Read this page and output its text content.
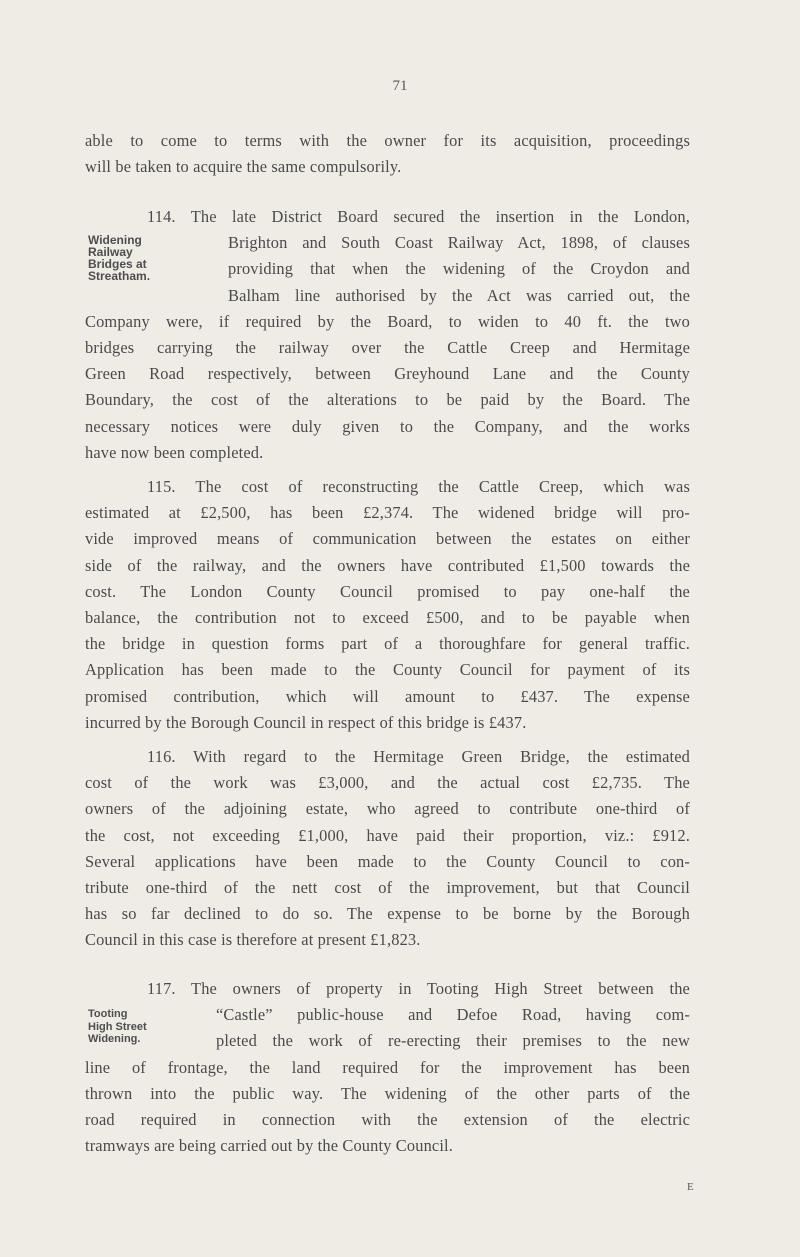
71
able to come to terms with the owner for its acquisition, proceedings
will be taken to acquire the same compulsorily.
Widening
Railway
Bridges at
Streatham.
114. The late District Board secured the insertion in the London,
Brighton and South Coast Railway Act, 1898, of clauses
providing that when the widening of the Croydon and
Balham line authorised by the Act was carried out, the
Company were, if required by the Board, to widen to 40 ft. the two
bridges carrying the railway over the Cattle Creep and Hermitage
Green Road respectively, between Greyhound Lane and the County
Boundary, the cost of the alterations to be paid by the Board. The
necessary notices were duly given to the Company, and the works
have now been completed.
115. The cost of reconstructing the Cattle Creep, which was
estimated at £2,500, has been £2,374. The widened bridge will pro-
vide improved means of communication between the estates on either
side of the railway, and the owners have contributed £1,500 towards the
cost. The London County Council promised to pay one-half the
balance, the contribution not to exceed £500, and to be payable when
the bridge in question forms part of a thoroughfare for general traffic.
Application has been made to the County Council for payment of its
promised contribution, which will amount to £437. The expense
incurred by the Borough Council in respect of this bridge is £437.
116. With regard to the Hermitage Green Bridge, the estimated
cost of the work was £3,000, and the actual cost £2,735. The
owners of the adjoining estate, who agreed to contribute one-third of
the cost, not exceeding £1,000, have paid their proportion, viz.: £912.
Several applications have been made to the County Council to con-
tribute one-third of the nett cost of the improvement, but that Council
has so far declined to do so. The expense to be borne by the Borough
Council in this case is therefore at present £1,823.
Tooting
High Street
Widening.
117. The owners of property in Tooting High Street between the
“Castle” public-house and Defoe Road, having com-
pleted the work of re-erecting their premises to the new
line of frontage, the land required for the improvement has been
thrown into the public way. The widening of the other parts of the
road required in connection with the extension of the electric
tramways are being carried out by the County Council.
E
